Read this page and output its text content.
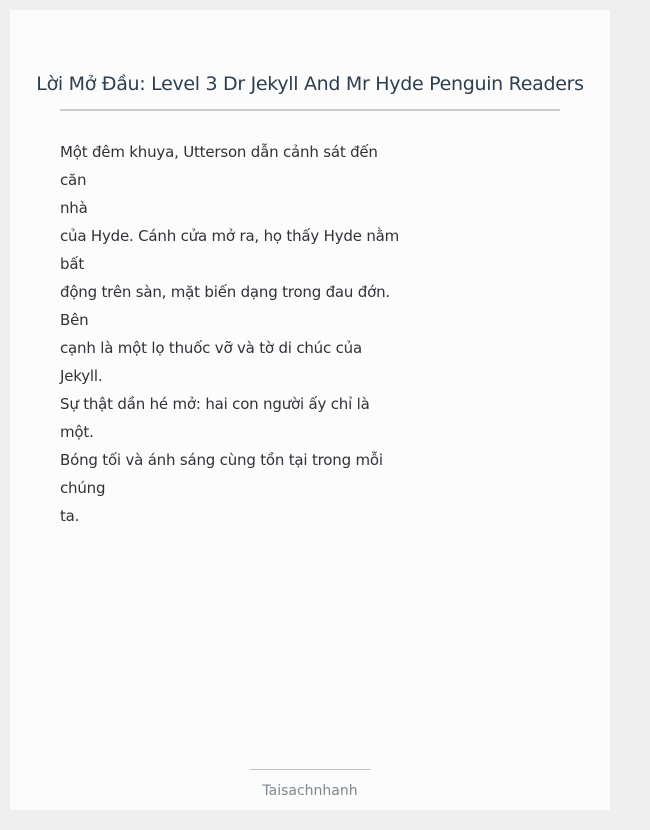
Lời Mở Đầu: Level 3 Dr Jekyll And Mr Hyde Penguin Readers

Một đêm khuya, Utterson dẫn cảnh sát đến căn

nhà

của Hyde. Cánh cửa mở ra, họ thấy Hyde nằm

bất

động trên sàn, mặt biến dạng trong đau đớn.

Bên

cạnh là một lọ thuốc vỡ và tờ di chúc của

Jekyll.

Sự thật dần hé mở: hai con người ấy chỉ là

một.

Bóng tối và ánh sáng cùng tồn tại trong mỗi

chúng

ta.

Taisachnhanh
